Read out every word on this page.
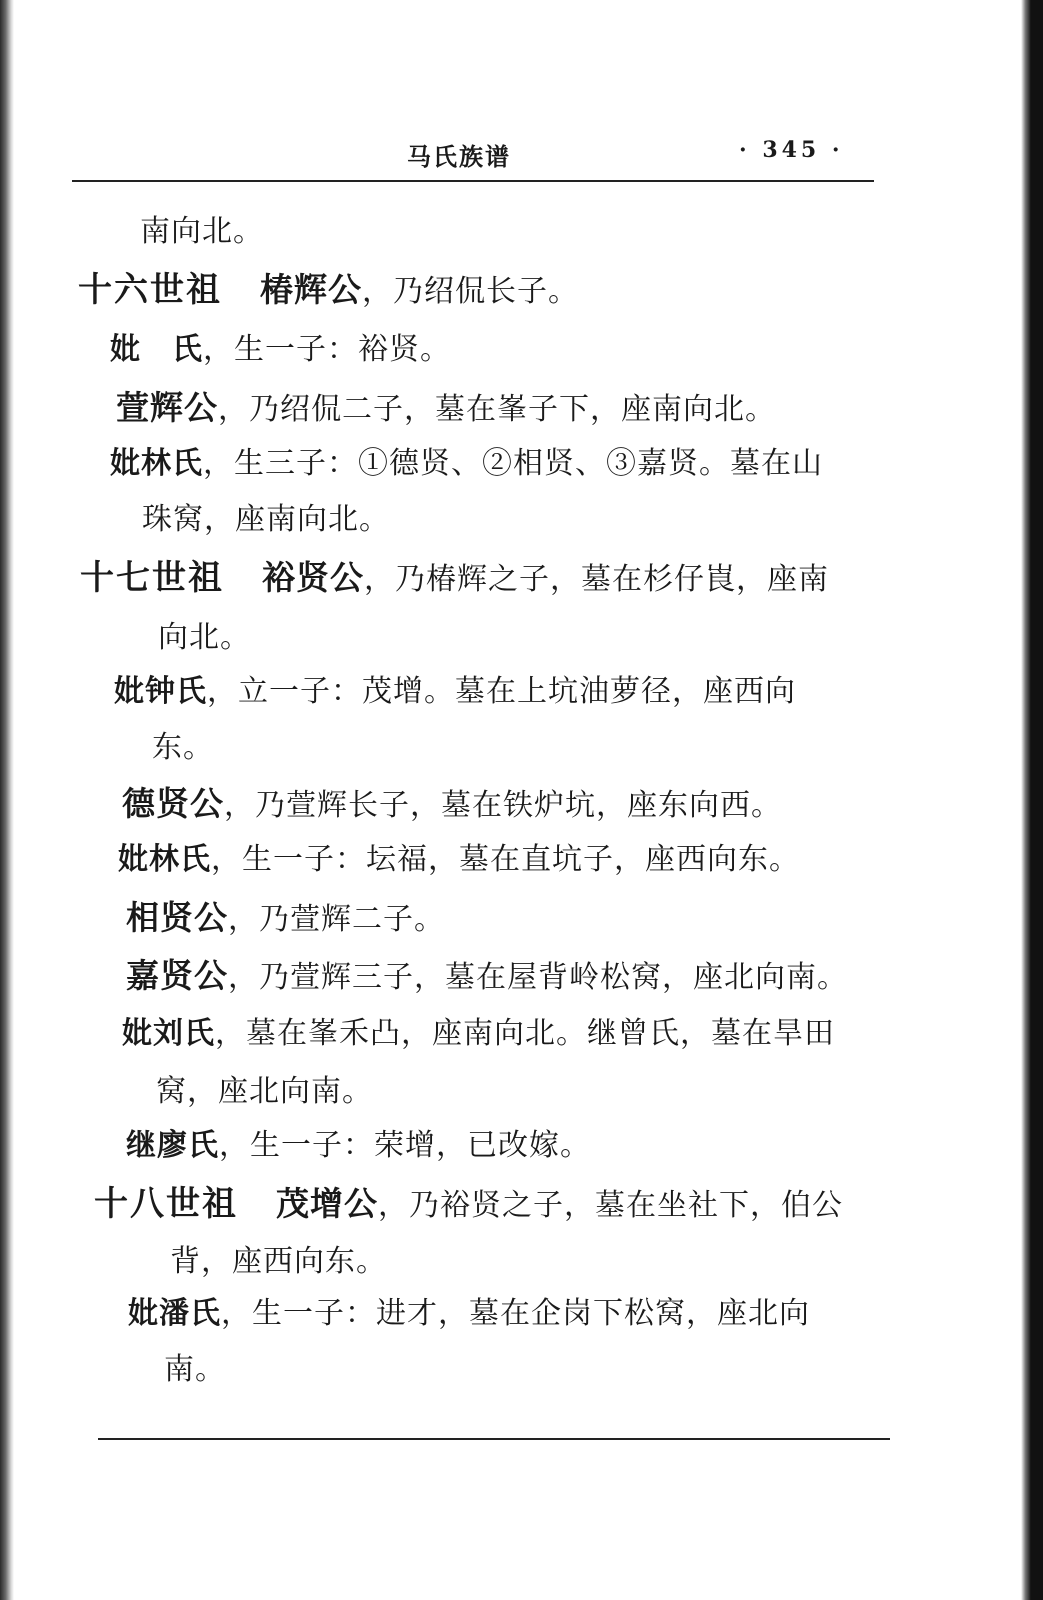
马氏族谱	· 345 ·
南向北。
十六世祖 椿辉公，乃绍侃长子。
妣　氏，生一子：裕贤。
萱辉公，乃绍侃二子，墓在峯子下，座南向北。
妣林氏，生三子：①德贤、②相贤、③嘉贤。墓在山
珠窝，座南向北。
十七世祖 裕贤公，乃椿辉之子，墓在杉仔崀，座南
向北。
妣钟氏，立一子：茂增。墓在上坑油萝径，座西向
东。
德贤公，乃萱辉长子，墓在铁炉坑，座东向西。
妣林氏，生一子：坛福，墓在直坑子，座西向东。
相贤公，乃萱辉二子。
嘉贤公，乃萱辉三子，墓在屋背岭松窝，座北向南。
妣刘氏，墓在峯禾凸，座南向北。继曾氏，墓在旱田
窝，座北向南。
继廖氏，生一子：荣增，已改嫁。
十八世祖 茂增公，乃裕贤之子，墓在坐社下，伯公
背，座西向东。
妣潘氏，生一子：进才，墓在企岗下松窝，座北向
南。
